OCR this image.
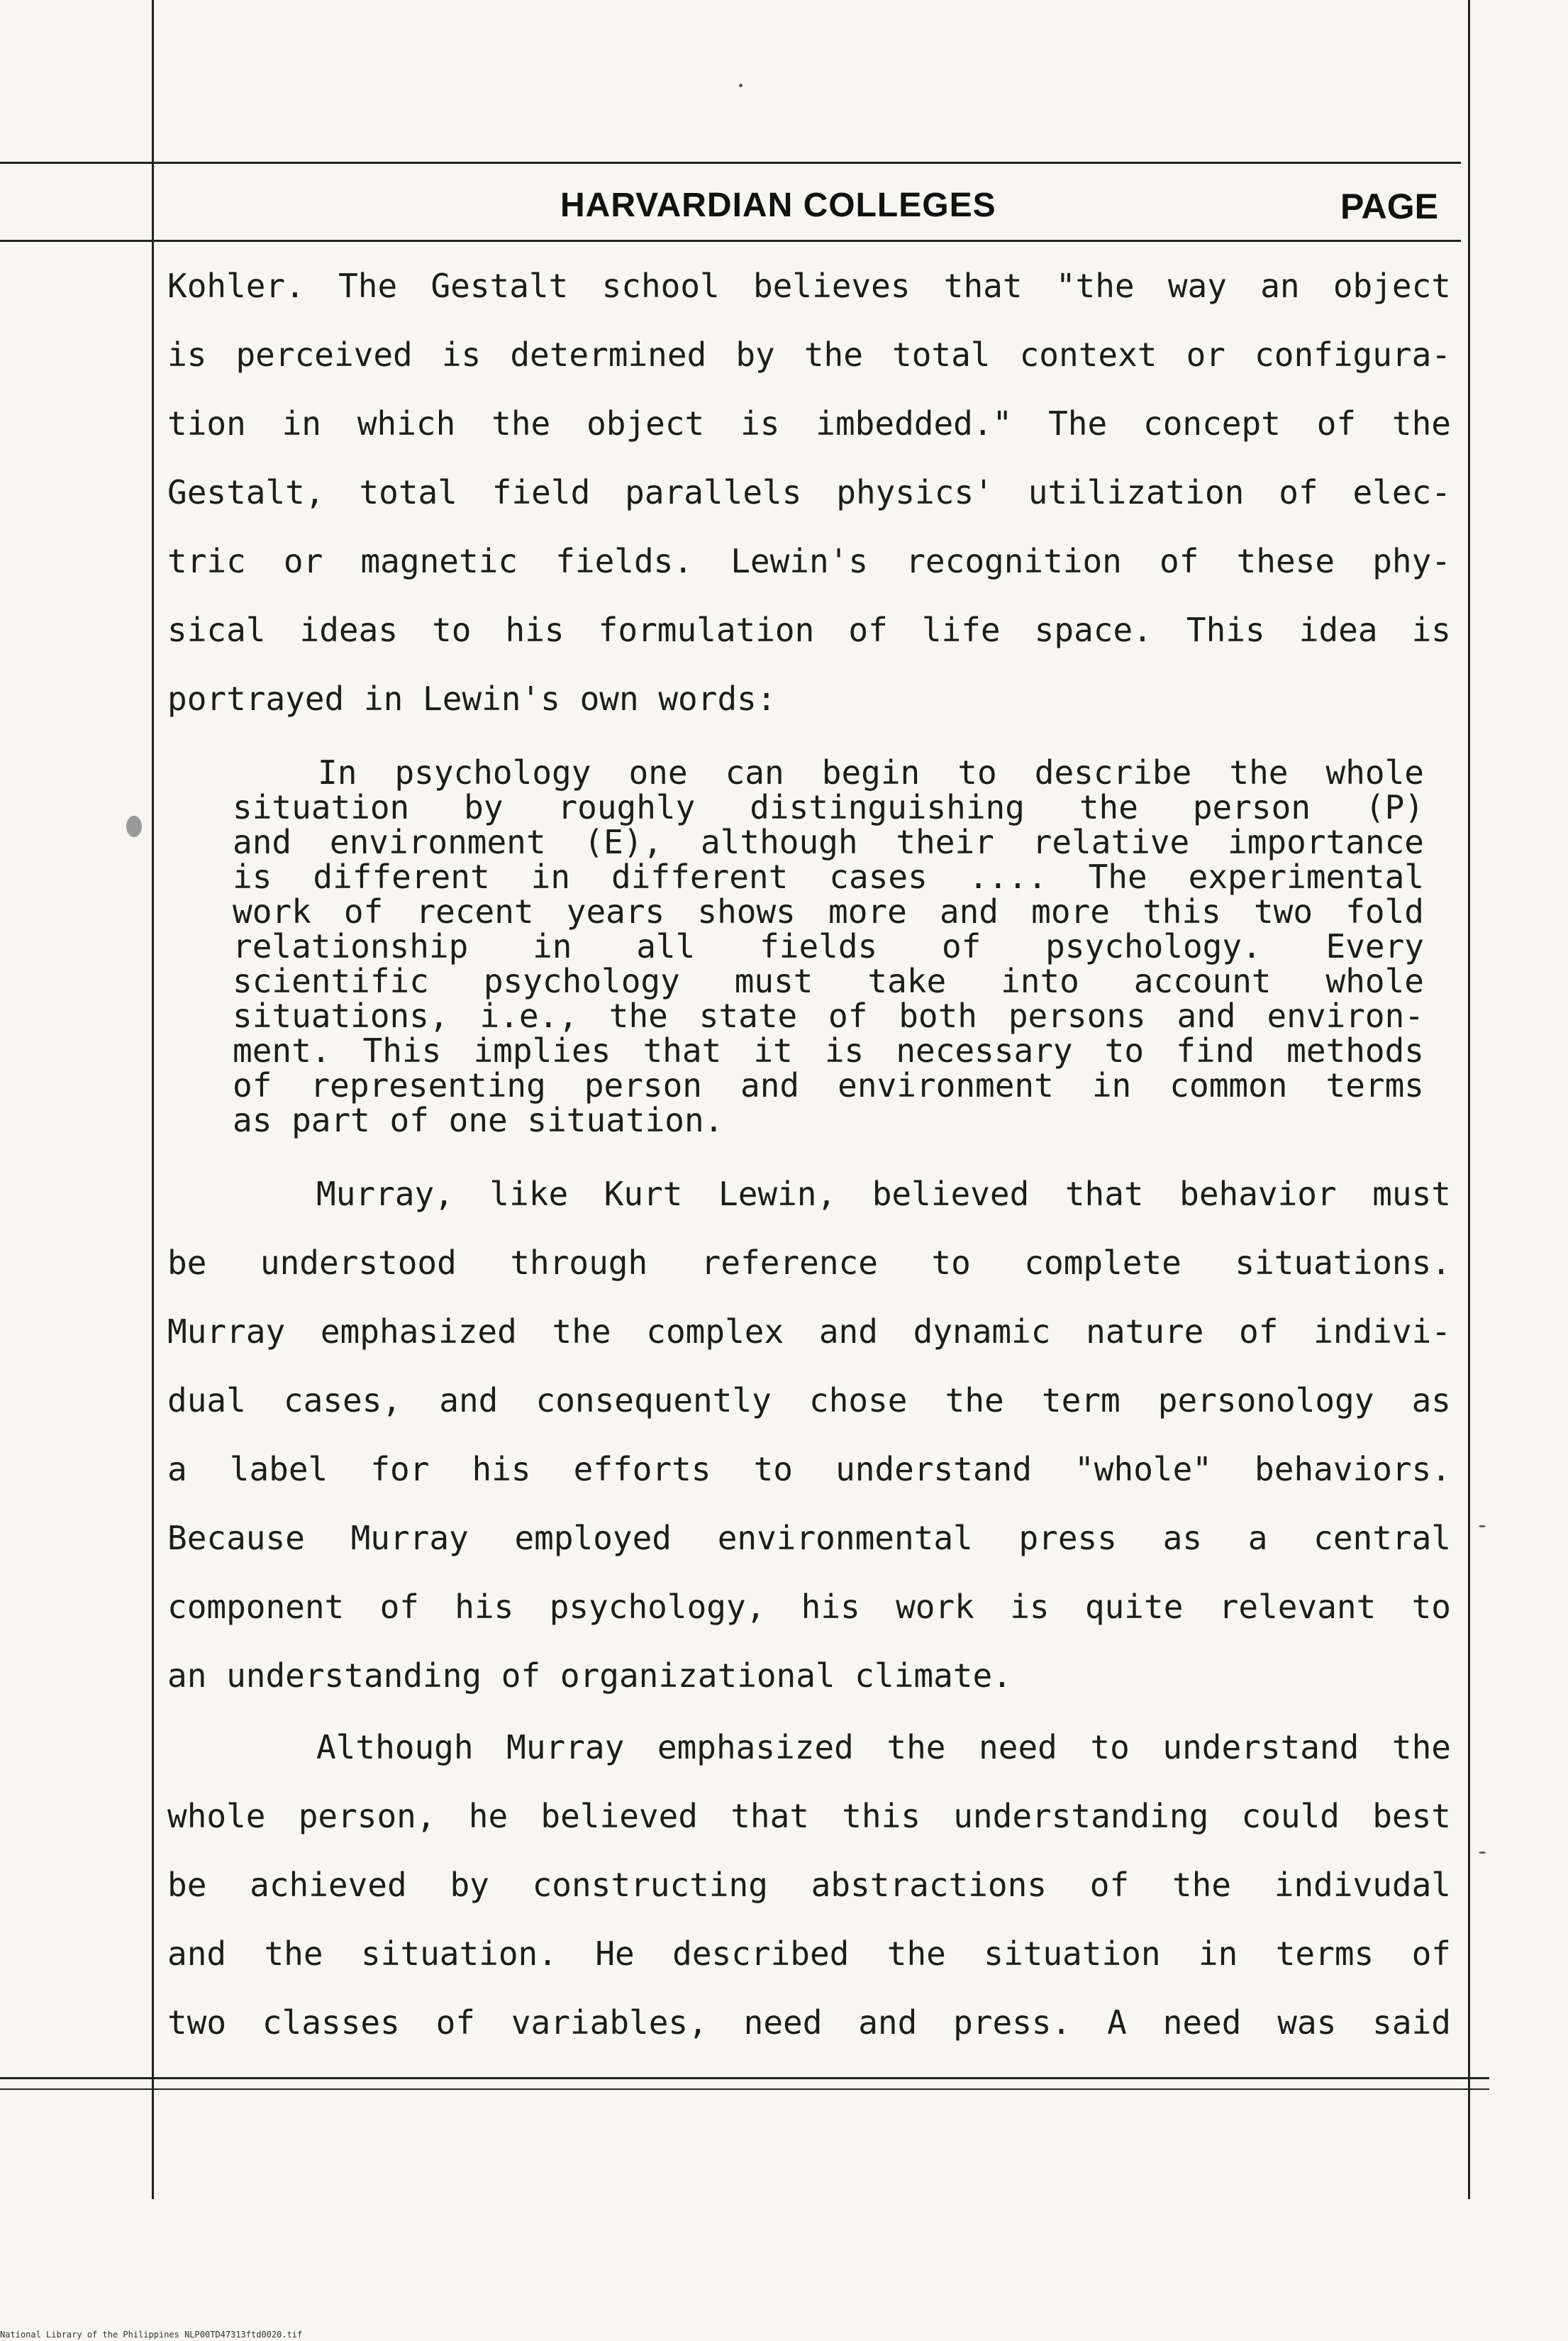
HARVARDIAN COLLEGES	PAGE

Kohler. The Gestalt school believes that "the way an object

is perceived is determined by the total context or configura-

tion in which the object is imbedded." The concept of the

Gestalt, total field parallels physics' utilization of elec-

tric or magnetic fields. Lewin's recognition of these phy-

sical ideas to his formulation of life space. This idea is

portrayed in Lewin's own words:

In psychology one can begin to describe the whole

situation by roughly distinguishing the person (P)

and environment (E), although their relative importance

is different in different cases .... The experimental

work of recent years shows more and more this two fold

relationship in all fields of psychology. Every

scientific psychology must take into account whole

situations, i.e., the state of both persons and environ-

ment. This implies that it is necessary to find methods

of representing person and environment in common terms

as part of one situation.

Murray, like Kurt Lewin, believed that behavior must

be understood through reference to complete situations.

Murray emphasized the complex and dynamic nature of indivi-

dual cases, and consequently chose the term personology as

a label for his efforts to understand "whole" behaviors.

Because Murray employed environmental press as a central

component of his psychology, his work is quite relevant to

an understanding of organizational climate.

Although Murray emphasized the need to understand the

whole person, he believed that this understanding could best

be achieved by constructing abstractions of the indivudal

and the situation. He described the situation in terms of

two classes of variables, need and press. A need was said

National Library of the Philippines NLP00TD47313ftd0020.tif
